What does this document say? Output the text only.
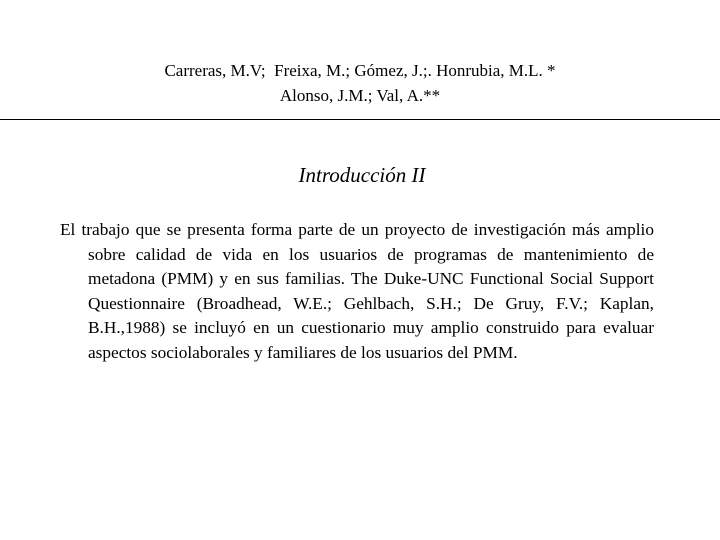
Carreras, M.V;  Freixa, M.; Gómez, J.;. Honrubia, M.L. *
Alonso, J.M.; Val, A.**
Introducción II
El trabajo que se presenta forma parte de un proyecto de investigación más amplio sobre calidad de vida en los usuarios de programas de mantenimiento de metadona (PMM) y en sus familias. The Duke-UNC Functional Social Support Questionnaire (Broadhead, W.E.; Gehlbach, S.H.; De Gruy, F.V.; Kaplan, B.H.,1988) se incluyó en un cuestionario muy amplio construido para evaluar aspectos sociolaborales y familiares de los usuarios del PMM.
